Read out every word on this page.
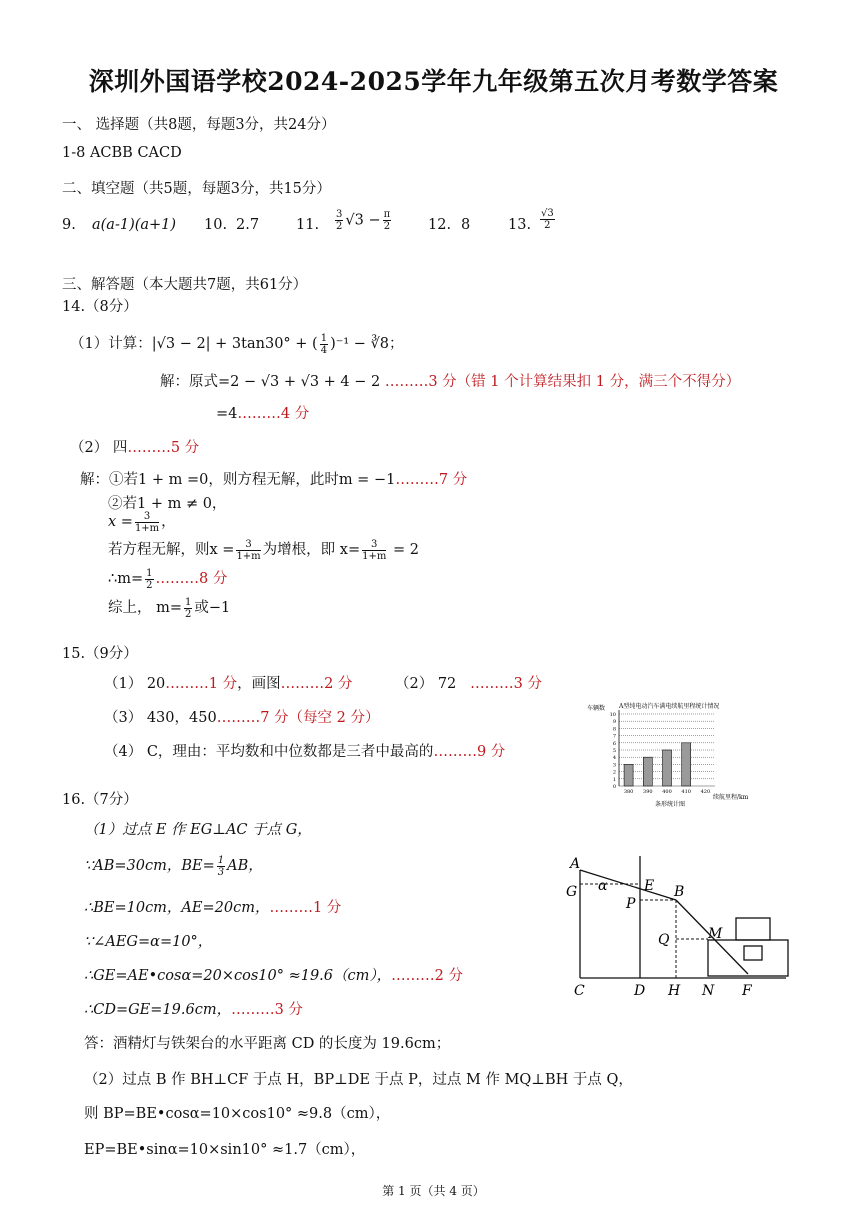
深圳外国语学校2024-2025学年九年级第五次月考数学答案
一、 选择题（共8题，每题3分，共24分）
1-8 ACBB CACD
二、填空题（共5题，每题3分，共15分）
9. a(a-1)(a+1) 10. 2.7	11. $\frac{3}{2} √3 - \frac{\pi}{2}$	12. 8	13. $\frac{√3}{2}$
三、解答题（本大题共7题，共61分）
14.（8分）
（1）计算：|√3 − 2| + 3tan30° + ( $\frac{1}{4} )^{-1}$ − ∛8；
解：原式=2 − √3 + √3 + 4 − 2 ………3 分（错 1 个计算结果扣 1 分，满三个不得分）
=4………4 分
（2） 四………5 分
解：①若1 + m =0，则方程无解，此时m = −1………7 分
②若1 + m ≠ 0，
$x = \frac{3}{1+m}$ ，
若方程无解，则$x = \frac{3}{1+m}$ 为增根，即 $x= \frac{3}{1+m} = 2$
∴m= $\frac{1}{2}$ ………8 分
综上， $m= \frac{1}{2}$ 或−1
15.（9分）
（1） 20………1 分，画图………2 分	（2） 72 ………3 分
（3） 430，450………7 分（每空 2 分）
（4） C，理由：平均数和中位数都是三者中最高的………9 分
车辆数 A型纯电动汽车满电续航里程统计情况
380 390 400 410 420
0
1
2
3
4
5
6
7
8
9
10
续航里程/km
条形统计图
16.（7分）
（1）过点 E 作 EG⊥AC 于点 G，
∵AB=30cm，$BE= \frac{1}{3}$ AB，
∴BE=10cm，AE=20cm，………1 分
∵∠AEG=α=10°，
∴GE=AE•cosα=20×cos10° ≈19.6（cm），………2 分
∴CD=GE=19.6cm，………3 分
答：酒精灯与铁架台的水平距离 CD 的长度为 19.6cm；
（2）过点 B 作 BH⊥CF 于点 H，BP⊥DE 于点 P，过点 M 作 MQ⊥BH 于点 Q，
则 BP=BE•cosα=10×cos10° ≈9.8（cm），
EP=BE•sinα=10×sin10° ≈1.7（cm），
A
G α	E B
P
Q	M
C	D H N F
第 1 页（共 4 页）
